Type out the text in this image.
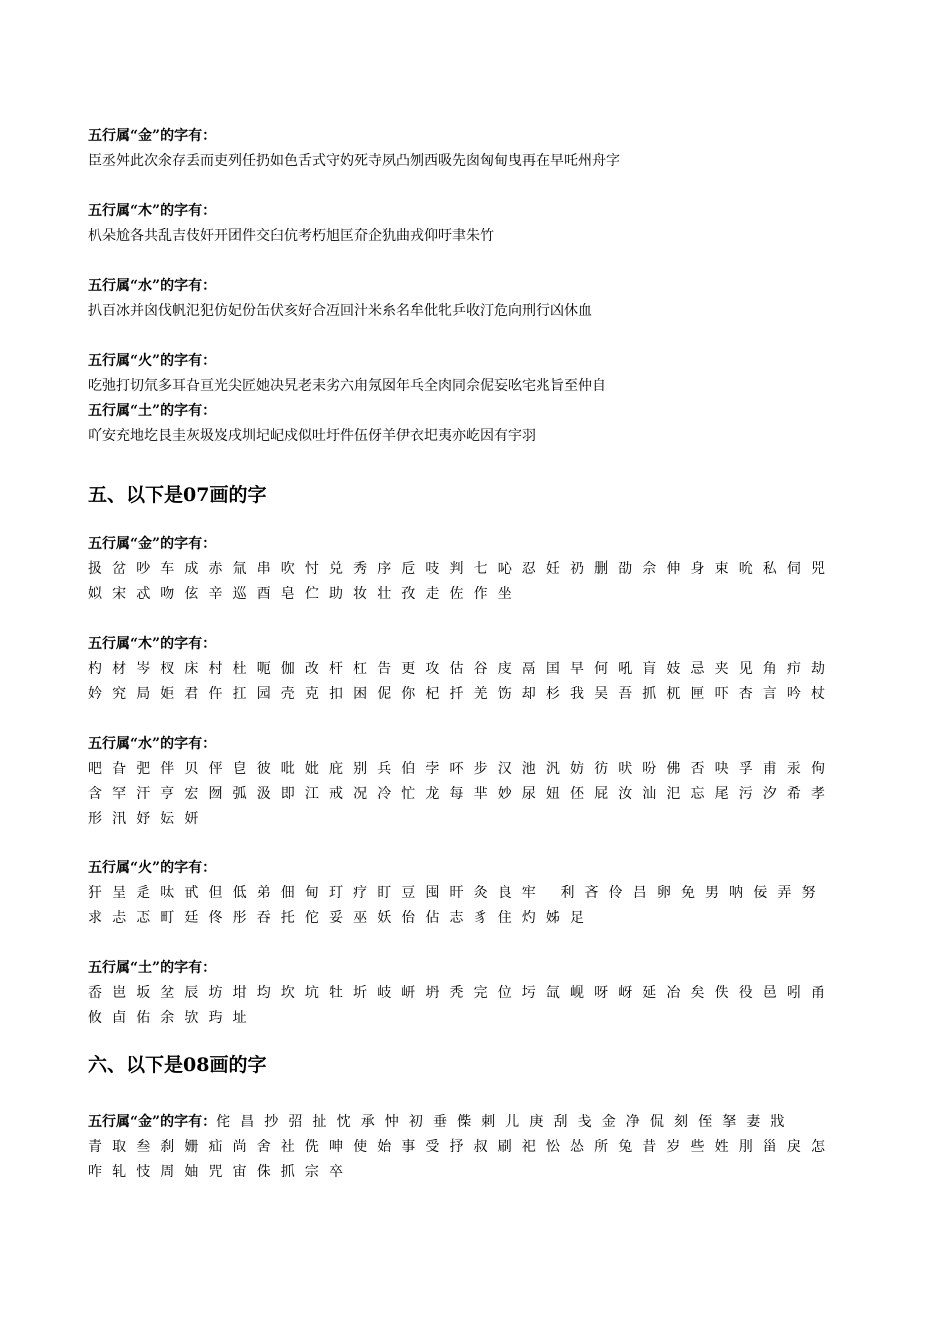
五行属“金”的字有：
臣丞舛此次氽存丢而吏列任扔如色舌式守妁死寺夙凸刎西吸先囱匈甸曳再在早吒州舟字
五行属“木”的字有：
朳朵尬各共乱吉伎奸开团件交臼伉考朽旭匡夼企犰曲戎仰吁聿朱竹
五行属“水”的字有：
扒百冰并囟伐帆氾犯仿妃份缶伏亥好合冱回汁米糸名牟仳牝乒收汀危向刑行凶休血
五行属“火”的字有：
吃弛打切氘多耳旮亘光尖匠她决旯老耒劣六甪氖囡年乓全肉同佘伲妄吆宅兆旨至仲自
五行属“土”的字有：
吖安充地圪艮圭灰圾岌戌圳圮屺戍似吐圩件伍伢羊伊衣圯夷亦屹因有宇羽
五、以下是07画的字
五行属“金”的字有：
扱岔吵车成赤氚串吹忖兑秀序卮吱判七吣忍妊礽删劭佘伸身束吮私伺兕
姒宋忒吻伭辛巡酉皂伫助妆壮孜走佐作坐
五行属“木”的字有：
杓材岑杈床村杜呃伽改杆杠告更攻估谷庋鬲囯早何吼肓妓忌夹见角疖劫
妗究局姖君仵扛园壳克扣困伲你杞扦羌饬却杉我吴吾抓杌匣吓杏言吟杖
五行属“水”的字有：
吧旮弝伴贝伻皀彼吡妣庇别兵伯孛吥步汉池汎妨彷吠吩佛否吷孚甫汞佝
含罕汗亨宏囫弧汲即江戒况冷忙龙每芈妙尿妞伾屁汝汕汜忘尾污汐希孝
形汛妤妘妍
五行属“火”的字有：
犴呈辵呔甙但低弟佃甸玎疗盯豆囤旰灸良牢 利吝伶吕卵免男呐佞弄努
求忐忑町廷佟彤吞托佗妥巫妖佁佔志豸住灼姊足
五行属“土”的字有：
岙岜坂坌辰坊坩均坎坑牡圻岐岍坍秃完位圬氙岘呀岈延冶矣佚役邑吲甬
攸卣佑余欤玙址
六、以下是08画的字
五行属“金”的字有：侘昌抄弨扯忱承忡初垂偨刺儿庚刮戋金净侃刻侄拏妻戕
青取叁刹姗疝尚舍社侁呻使始事受抒叔刷祀忪怂所兔昔岁些姓刖甾戾怎
咋轧忮周妯咒宙侏抓宗卒
